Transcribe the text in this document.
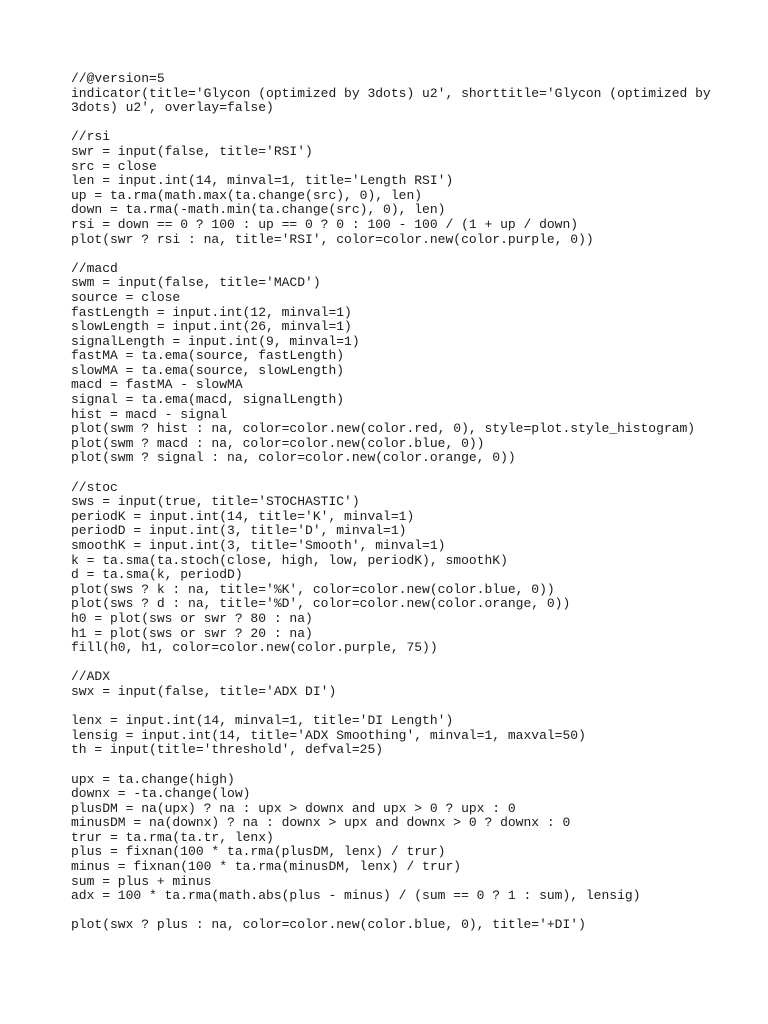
//@version=5
indicator(title='Glycon (optimized by 3dots) u2', shorttitle='Glycon (optimized by
3dots) u2', overlay=false)
//rsi
swr = input(false, title='RSI')
src = close
len = input.int(14, minval=1, title='Length RSI')
up = ta.rma(math.max(ta.change(src), 0), len)
down = ta.rma(-math.min(ta.change(src), 0), len)
rsi = down == 0 ? 100 : up == 0 ? 0 : 100 - 100 / (1 + up / down)
plot(swr ? rsi : na, title='RSI', color=color.new(color.purple, 0))
//macd
swm = input(false, title='MACD')
source = close
fastLength = input.int(12, minval=1)
slowLength = input.int(26, minval=1)
signalLength = input.int(9, minval=1)
fastMA = ta.ema(source, fastLength)
slowMA = ta.ema(source, slowLength)
macd = fastMA - slowMA
signal = ta.ema(macd, signalLength)
hist = macd - signal
plot(swm ? hist : na, color=color.new(color.red, 0), style=plot.style_histogram)
plot(swm ? macd : na, color=color.new(color.blue, 0))
plot(swm ? signal : na, color=color.new(color.orange, 0))
//stoc
sws = input(true, title='STOCHASTIC')
periodK = input.int(14, title='K', minval=1)
periodD = input.int(3, title='D', minval=1)
smoothK = input.int(3, title='Smooth', minval=1)
k = ta.sma(ta.stoch(close, high, low, periodK), smoothK)
d = ta.sma(k, periodD)
plot(sws ? k : na, title='%K', color=color.new(color.blue, 0))
plot(sws ? d : na, title='%D', color=color.new(color.orange, 0))
h0 = plot(sws or swr ? 80 : na)
h1 = plot(sws or swr ? 20 : na)
fill(h0, h1, color=color.new(color.purple, 75))
//ADX
swx = input(false, title='ADX DI')
lenx = input.int(14, minval=1, title='DI Length')
lensig = input.int(14, title='ADX Smoothing', minval=1, maxval=50)
th = input(title='threshold', defval=25)
upx = ta.change(high)
downx = -ta.change(low)
plusDM = na(upx) ? na : upx > downx and upx > 0 ? upx : 0
minusDM = na(downx) ? na : downx > upx and downx > 0 ? downx : 0
trur = ta.rma(ta.tr, lenx)
plus = fixnan(100 * ta.rma(plusDM, lenx) / trur)
minus = fixnan(100 * ta.rma(minusDM, lenx) / trur)
sum = plus + minus
adx = 100 * ta.rma(math.abs(plus - minus) / (sum == 0 ? 1 : sum), lensig)
plot(swx ? plus : na, color=color.new(color.blue, 0), title='+DI')
